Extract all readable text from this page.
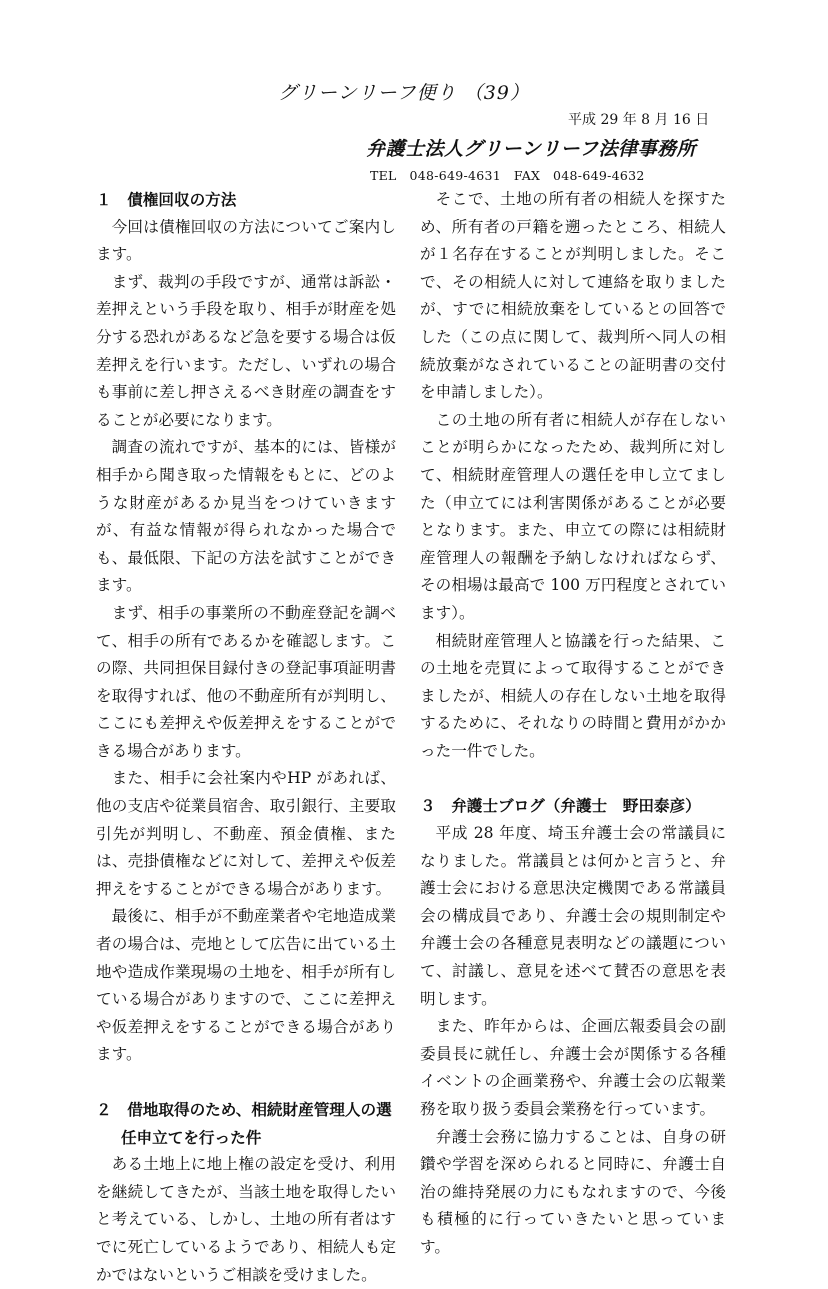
グリーンリーフ便り （39）
平成 29 年 8 月 16 日
弁護士法人グリーンリーフ法律事務所
TEL　048‐649‐4631　FAX　048‐649‐4632
１　債権回収の方法

今回は債権回収の方法についてご案内します。

まず、裁判の手段ですが、通常は訴訟・差押えという手段を取り、相手が財産を処分する恐れがあるなど急を要する場合は仮差押えを行います。ただし、いずれの場合も事前に差し押さえるべき財産の調査をすることが必要になります。

調査の流れですが、基本的には、皆様が相手から聞き取った情報をもとに、どのような財産があるか見当をつけていきますが、有益な情報が得られなかった場合でも、最低限、下記の方法を試すことができます。

まず、相手の事業所の不動産登記を調べて、相手の所有であるかを確認します。この際、共同担保目録付きの登記事項証明書を取得すれば、他の不動産所有が判明し、ここにも差押えや仮差押えをすることができる場合があります。

また、相手に会社案内やHP があれば、他の支店や従業員宿舎、取引銀行、主要取引先が判明し、不動産、預金債権、または、売掛債権などに対して、差押えや仮差押えをすることができる場合があります。

最後に、相手が不動産業者や宅地造成業者の場合は、売地として広告に出ている土地や造成作業現場の土地を、相手が所有している場合がありますので、ここに差押えや仮差押えをすることができる場合があります。

２　借地取得のため、相続財産管理人の選任申立てを行った件

ある土地上に地上権の設定を受け、利用を継続してきたが、当該土地を取得したいと考えている、しかし、土地の所有者はすでに死亡しているようであり、相続人も定かではないというご相談を受けました。

そこで、土地の所有者の相続人を探すため、所有者の戸籍を遡ったところ、相続人が１名存在することが判明しました。そこで、その相続人に対して連絡を取りましたが、すでに相続放棄をしているとの回答でした（この点に関して、裁判所へ同人の相続放棄がなされていることの証明書の交付を申請しました）。

この土地の所有者に相続人が存在しないことが明らかになったため、裁判所に対して、相続財産管理人の選任を申し立てました（申立てには利害関係があることが必要となります。また、申立ての際には相続財産管理人の報酬を予納しなければならず、その相場は最高で 100 万円程度とされています）。

相続財産管理人と協議を行った結果、この土地を売買によって取得することができましたが、相続人の存在しない土地を取得するために、それなりの時間と費用がかかった一件でした。

３　弁護士ブログ（弁護士　野田泰彦）

平成 28 年度、埼玉弁護士会の常議員になりました。常議員とは何かと言うと、弁護士会における意思決定機関である常議員会の構成員であり、弁護士会の規則制定や弁護士会の各種意見表明などの議題について、討議し、意見を述べて賛否の意思を表明します。

また、昨年からは、企画広報委員会の副委員長に就任し、弁護士会が関係する各種イベントの企画業務や、弁護士会の広報業務を取り扱う委員会業務を行っています。

弁護士会務に協力することは、自身の研鑽や学習を深められると同時に、弁護士自治の維持発展の力にもなれますので、今後も積極的に行っていきたいと思っています。
